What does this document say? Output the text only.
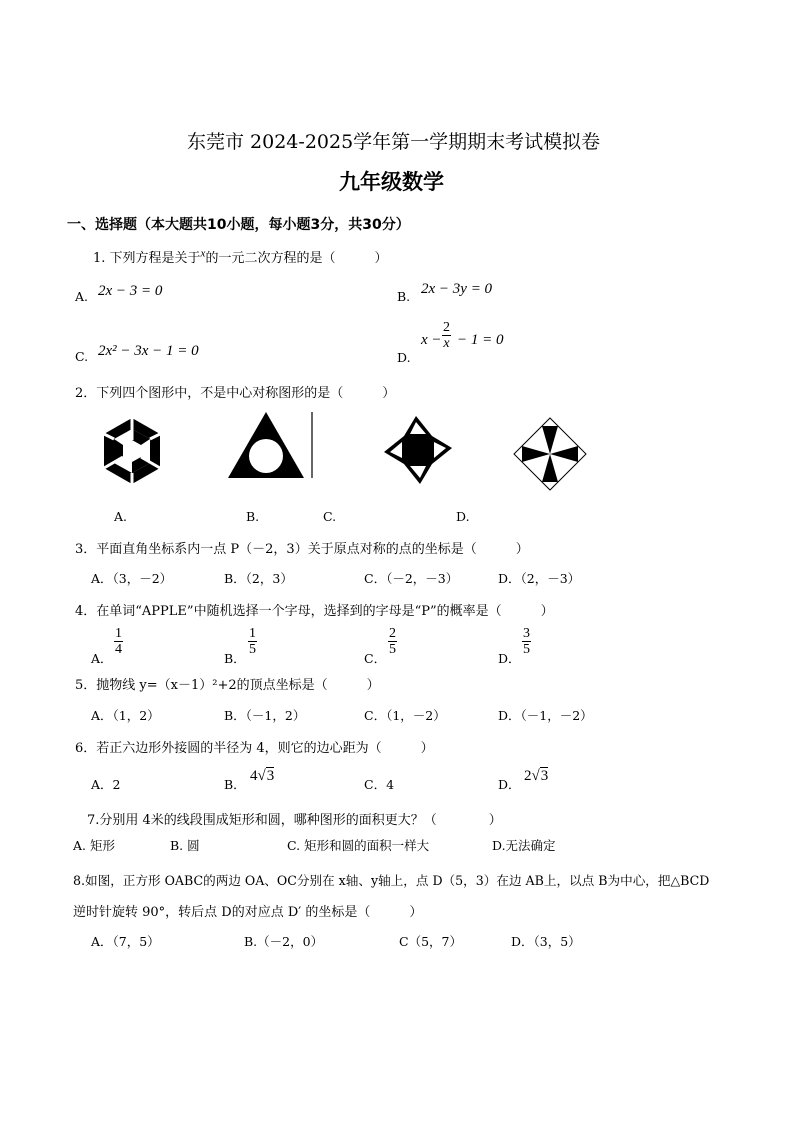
东莞市 2024-2025学年第一学期期末考试模拟卷
九年级数学
一、选择题（本大题共10小题，每小题3分，共30分）
1. 下列方程是关于$^x$的一元二次方程的是（　　　）
A. 2x − 3 = 0	B. 2x − 3y = 0
C. 2x² − 3x − 1 = 0	D.
$x - \frac{2}{x} - 1 = 0$
2．下列四个图形中，不是中心对称图形的是（　　　）
A.	B.	C.	D.
3．平面直角坐标系内一点 P（－2，3）关于原点对称的点的坐标是（　　　）
A．（3，－2）	B．（2，3）	C．（－2，－3）	D．（2，－3）
4．在单词“APPLE”中随机选择一个字母，选择到的字母是“P”的概率是（　　　）
A．
$\frac{1}{4}$
B．
$\frac{1}{5}$
C．
$\frac{2}{5}$
D．
$\frac{3}{5}$
5．抛物线 y=（x－1）²+2的顶点坐标是（　　　）
A．（1，2）	B．（－1，2）	C．（1，－2）	D．（－1，－2）
6．若正六边形外接圆的半径为 4，则它的边心距为（　　　）
A．2	B．
4√3
C．4	D．
2√3
7.分别用 4米的线段围成矩形和圆，哪种图形的面积更大？（　　　　）
A. 矩形	B. 圆	C. 矩形和圆的面积一样大	D.无法确定
8.如图，正方形 OABC的两边 OA、OC分别在 x轴、y轴上，点 D（5，3）在边 AB上，以点 B为中心，把△BCD
逆时针旋转 90°，转后点 D的对应点 D′ 的坐标是（　　　）
A．（7，5）	B.（－2，0）	C（5，7）	D．（3，5）
